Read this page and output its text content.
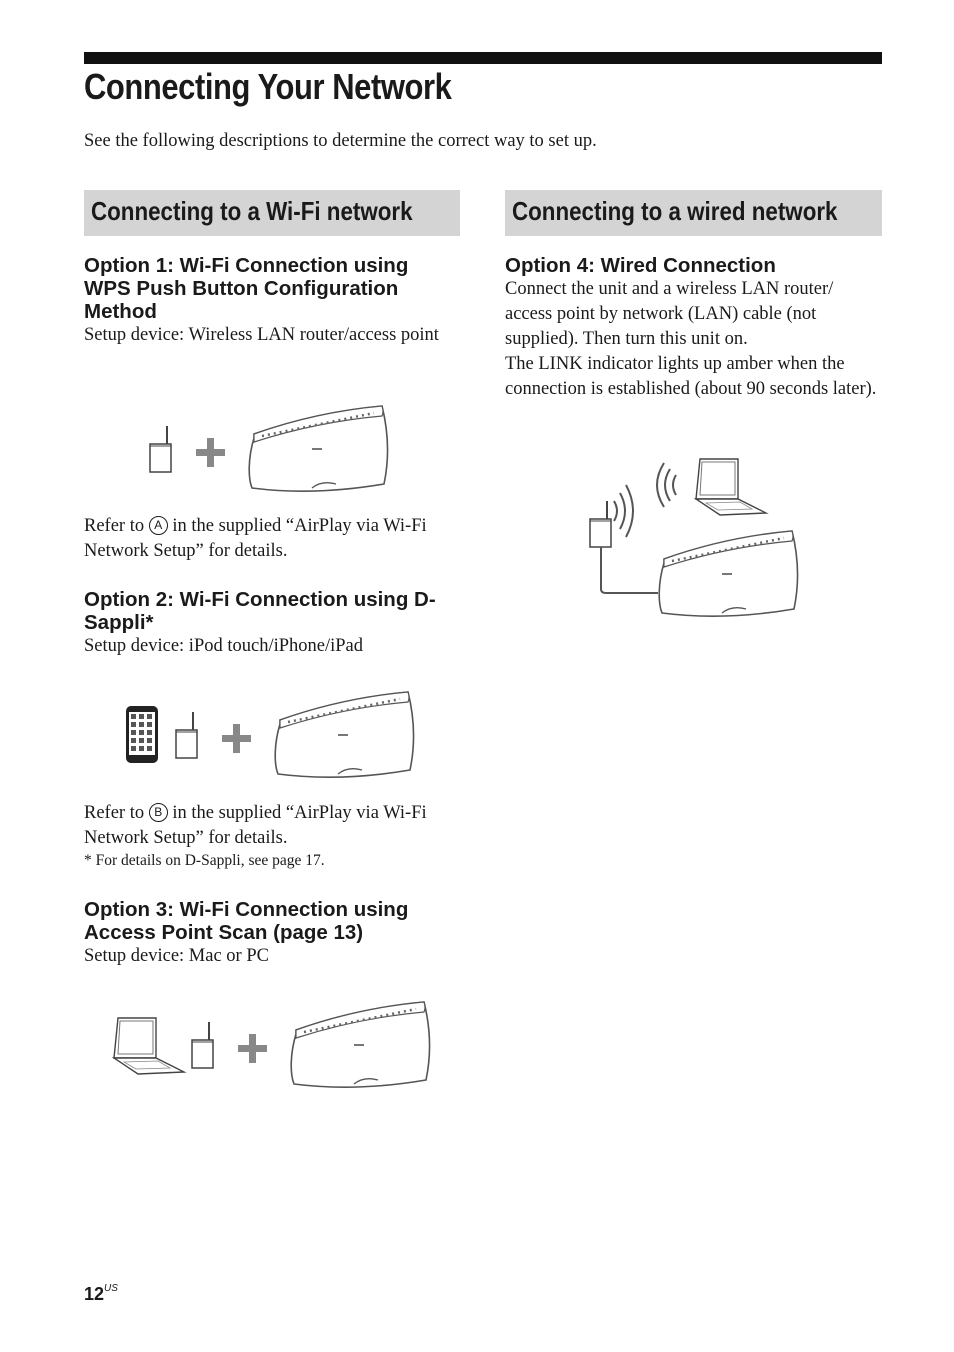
Connecting Your Network

See the following descriptions to determine the correct way to set up.

Connecting to a Wi-Fi network	Connecting to a wired network

Option 1: Wi-Fi Connection using WPS Push Button Configuration Method

Setup device: Wireless LAN router/access point

Refer to A in the supplied “AirPlay via Wi-Fi Network Setup” for details.

Option 2: Wi-Fi Connection using D-Sappli*

Setup device: iPod touch/iPhone/iPad

Refer to B in the supplied “AirPlay via Wi-Fi Network Setup” for details.

* For details on D-Sappli, see page 17.

Option 3: Wi-Fi Connection using Access Point Scan (page 13)

Setup device: Mac or PC

Option 4: Wired Connection

Connect the unit and a wireless LAN router/ access point by network (LAN) cable (not supplied). Then turn this unit on.

The LINK indicator lights up amber when the connection is established (about 90 seconds later).

$12^{US}$
